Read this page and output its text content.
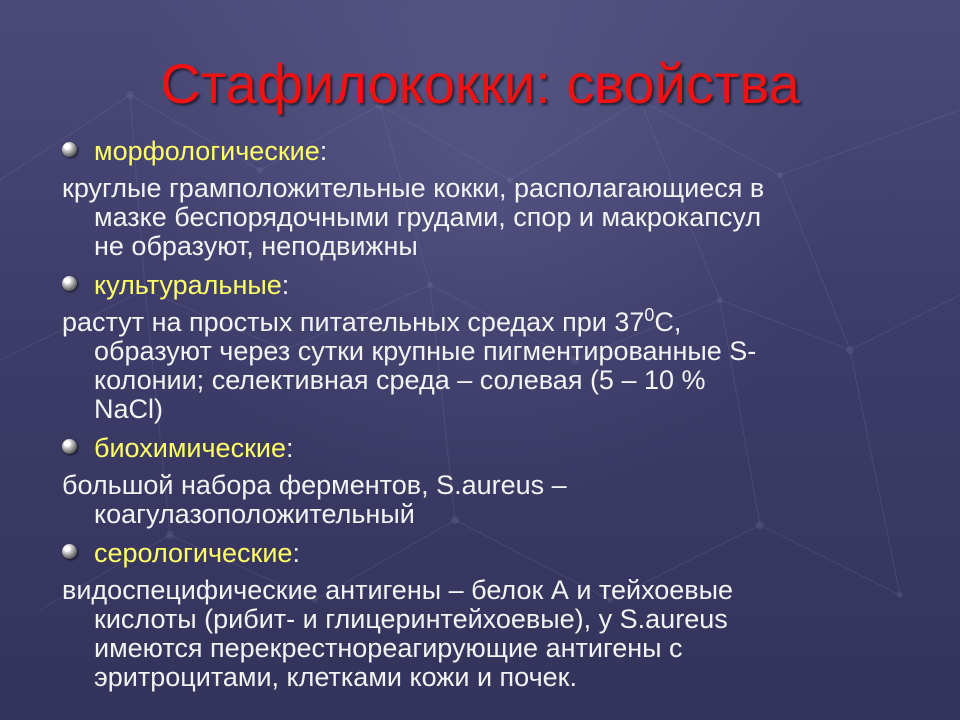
Стафилококки: свойства
морфологические:
круглые грамположительные кокки, располагающиеся в
мазке беспорядочными грудами, спор и макрокапсул
не образуют, неподвижны
культуральные:
растут на простых питательных средах при $37^0С$,
образуют через сутки крупные пигментированные S-
колонии; селективная среда – солевая (5 – 10 %
NaCl)
биохимические:
большой набора ферментов, S.aureus –
коагулазоположительный
серологические:
видоспецифические антигены – белок А и тейхоевые
кислоты (рибит- и глицеринтейхоевые), у S.aureus
имеются перекрестнореагирующие антигены с
эритроцитами, клетками кожи и почек.
